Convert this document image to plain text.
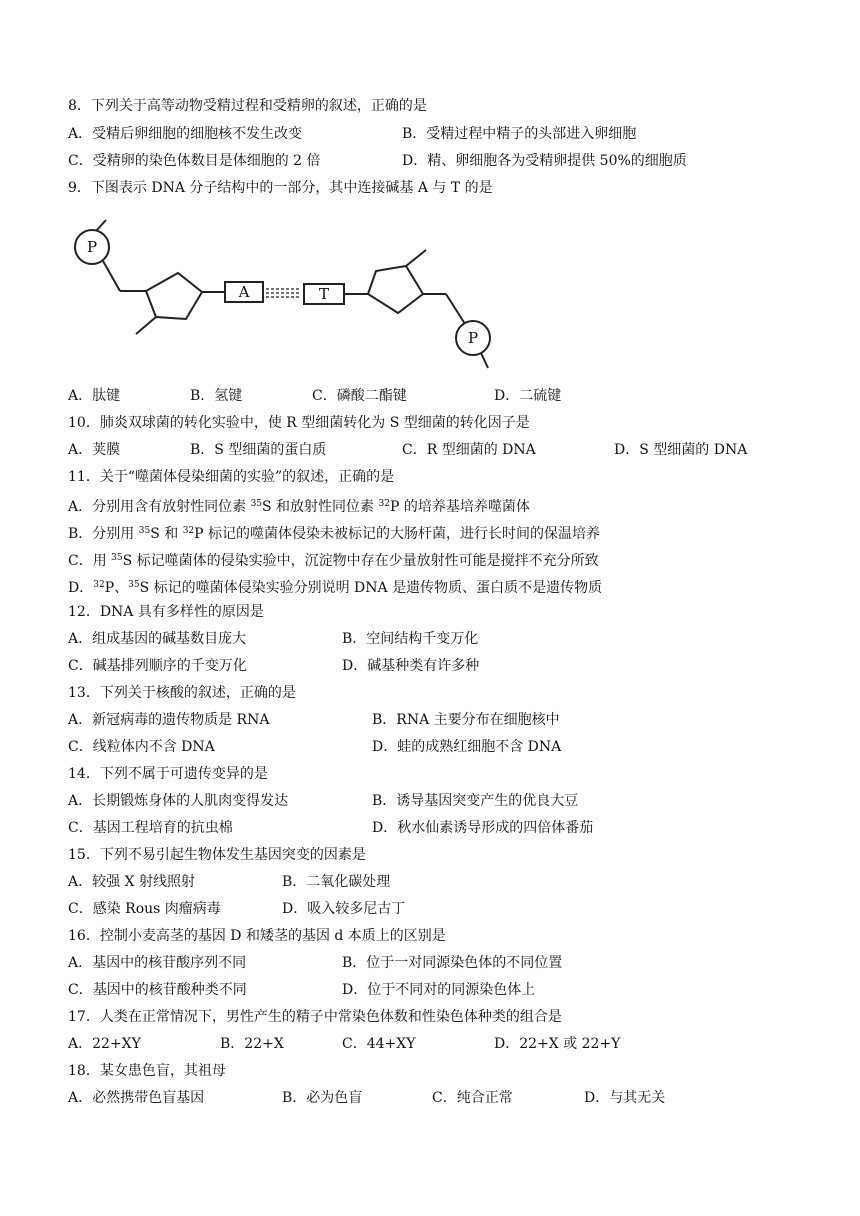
8．下列关于高等动物受精过程和受精卵的叙述，正确的是
A．受精后卵细胞的细胞核不发生改变	B．受精过程中精子的头部进入卵细胞
C．受精卵的染色体数目是体细胞的 2 倍	D．精、卵细胞各为受精卵提供 50%的细胞质
9．下图表示 DNA 分子结构中的一部分，其中连接碱基 A 与 T 的是
P
A	T
P
A．肽键	B．氢键	C．磷酸二酯键	D．二硫键
10．肺炎双球菌的转化实验中，使 R 型细菌转化为 S 型细菌的转化因子是
A．荚膜	B．S 型细菌的蛋白质	C．R 型细菌的 DNA	D．S 型细菌的 DNA
11．关于“噬菌体侵染细菌的实验”的叙述，正确的是
A．分别用含有放射性同位素 $^{35}$S 和放射性同位素 $^{32}$P 的培养基培养噬菌体
B．分别用 $^{35}$S 和 $^{32}$P 标记的噬菌体侵染未被标记的大肠杆菌，进行长时间的保温培养
C．用 $^{35}$S 标记噬菌体的侵染实验中，沉淀物中存在少量放射性可能是搅拌不充分所致
D．$^{32}$P、$^{35}$S 标记的噬菌体侵染实验分别说明 DNA 是遗传物质、蛋白质不是遗传物质
12．DNA 具有多样性的原因是
A．组成基因的碱基数目庞大	B．空间结构千变万化
C．碱基排列顺序的千变万化	D．碱基种类有许多种
13．下列关于核酸的叙述，正确的是
A．新冠病毒的遗传物质是 RNA	B．RNA 主要分布在细胞核中
C．线粒体内不含 DNA	D．蛙的成熟红细胞不含 DNA
14．下列不属于可遗传变异的是
A．长期锻炼身体的人肌肉变得发达	B．诱导基因突变产生的优良大豆
C．基因工程培育的抗虫棉	D．秋水仙素诱导形成的四倍体番茄
15．下列不易引起生物体发生基因突变的因素是
A．较强 X 射线照射	B．二氧化碳处理
C．感染 Rous 肉瘤病毒	D．吸入较多尼古丁
16．控制小麦高茎的基因 D 和矮茎的基因 d 本质上的区别是
A．基因中的核苷酸序列不同	B．位于一对同源染色体的不同位置
C．基因中的核苷酸种类不同	D．位于不同对的同源染色体上
17．人类在正常情况下，男性产生的精子中常染色体数和性染色体种类的组合是
A．22+XY	B．22+X	C．44+XY	D．22+X 或 22+Y
18．某女患色盲，其祖母
A．必然携带色盲基因	B．必为色盲	C．纯合正常	D．与其无关
